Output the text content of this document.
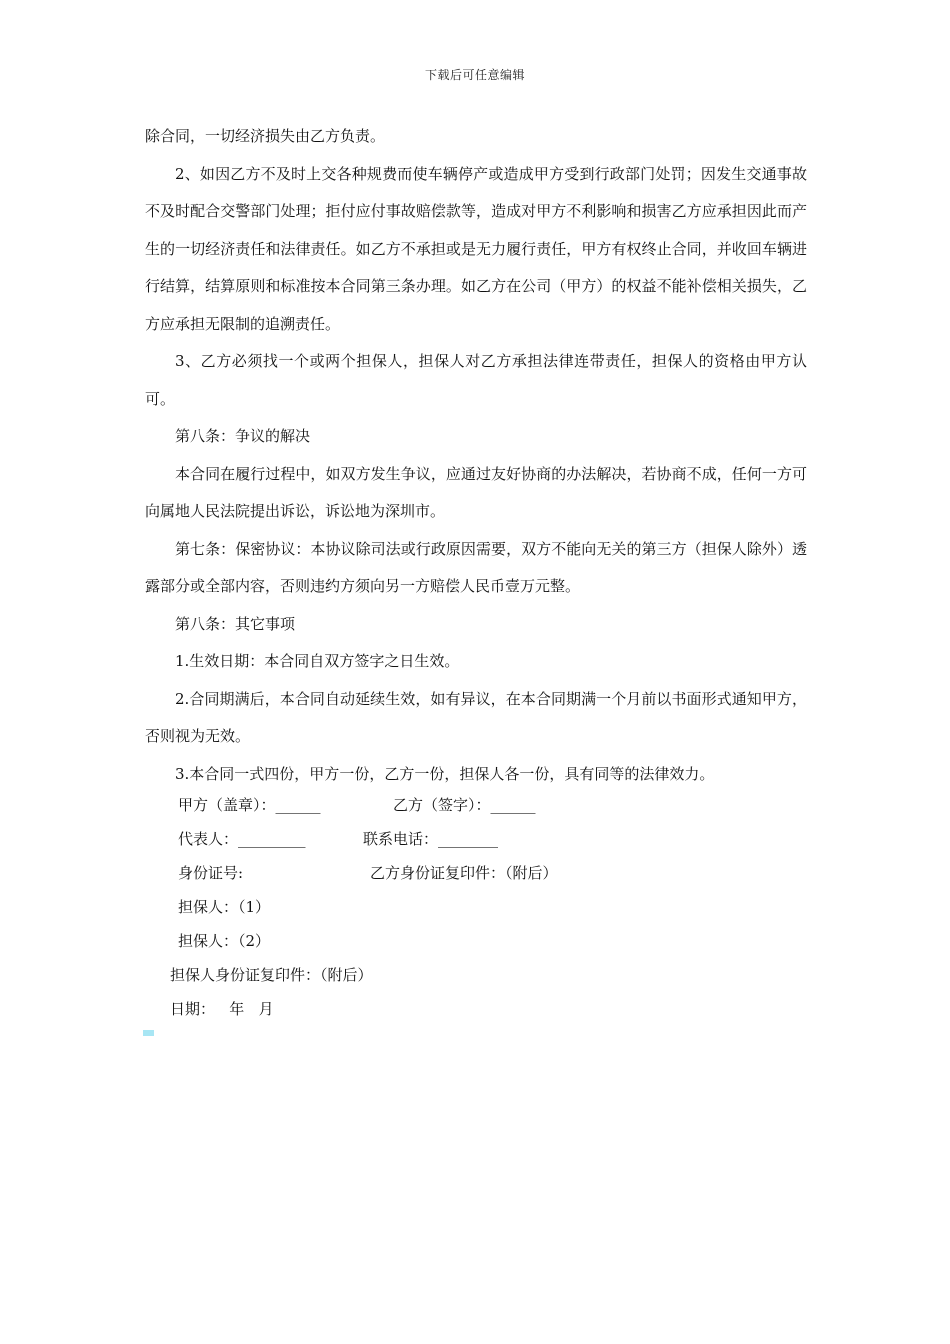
下载后可任意编辑

除合同，一切经济损失由乙方负责。

2、如因乙方不及时上交各种规费而使车辆停产或造成甲方受到行政部门处罚；因发生交通事故不及时配合交警部门处理；拒付应付事故赔偿款等，造成对甲方不利影响和损害乙方应承担因此而产生的一切经济责任和法律责任。如乙方不承担或是无力履行责任，甲方有权终止合同，并收回车辆进行结算，结算原则和标准按本合同第三条办理。如乙方在公司（甲方）的权益不能补偿相关损失，乙方应承担无限制的追溯责任。

3、乙方必须找一个或两个担保人，担保人对乙方承担法律连带责任，担保人的资格由甲方认可。

第八条：争议的解决

本合同在履行过程中，如双方发生争议，应通过友好协商的办法解决，若协商不成，任何一方可向属地人民法院提出诉讼，诉讼地为深圳市。

第七条：保密协议：本协议除司法或行政原因需要，双方不能向无关的第三方（担保人除外）透露部分或全部内容，否则违约方须向另一方赔偿人民币壹万元整。

第八条：其它事项

1.生效日期：本合同自双方签字之日生效。

2.合同期满后，本合同自动延续生效，如有异议，在本合同期满一个月前以书面形式通知甲方，否则视为无效。

3.本合同一式四份，甲方一份，乙方一份，担保人各一份，具有同等的法律效力。

甲方（盖章）：______	乙方（签字）：______
代表人：_________	联系电话：________
身份证号:	乙方身份证复印件：（附后）
担保人：（1）
担保人：（2）
担保人身份证复印件：（附后）
日期：   年   月
